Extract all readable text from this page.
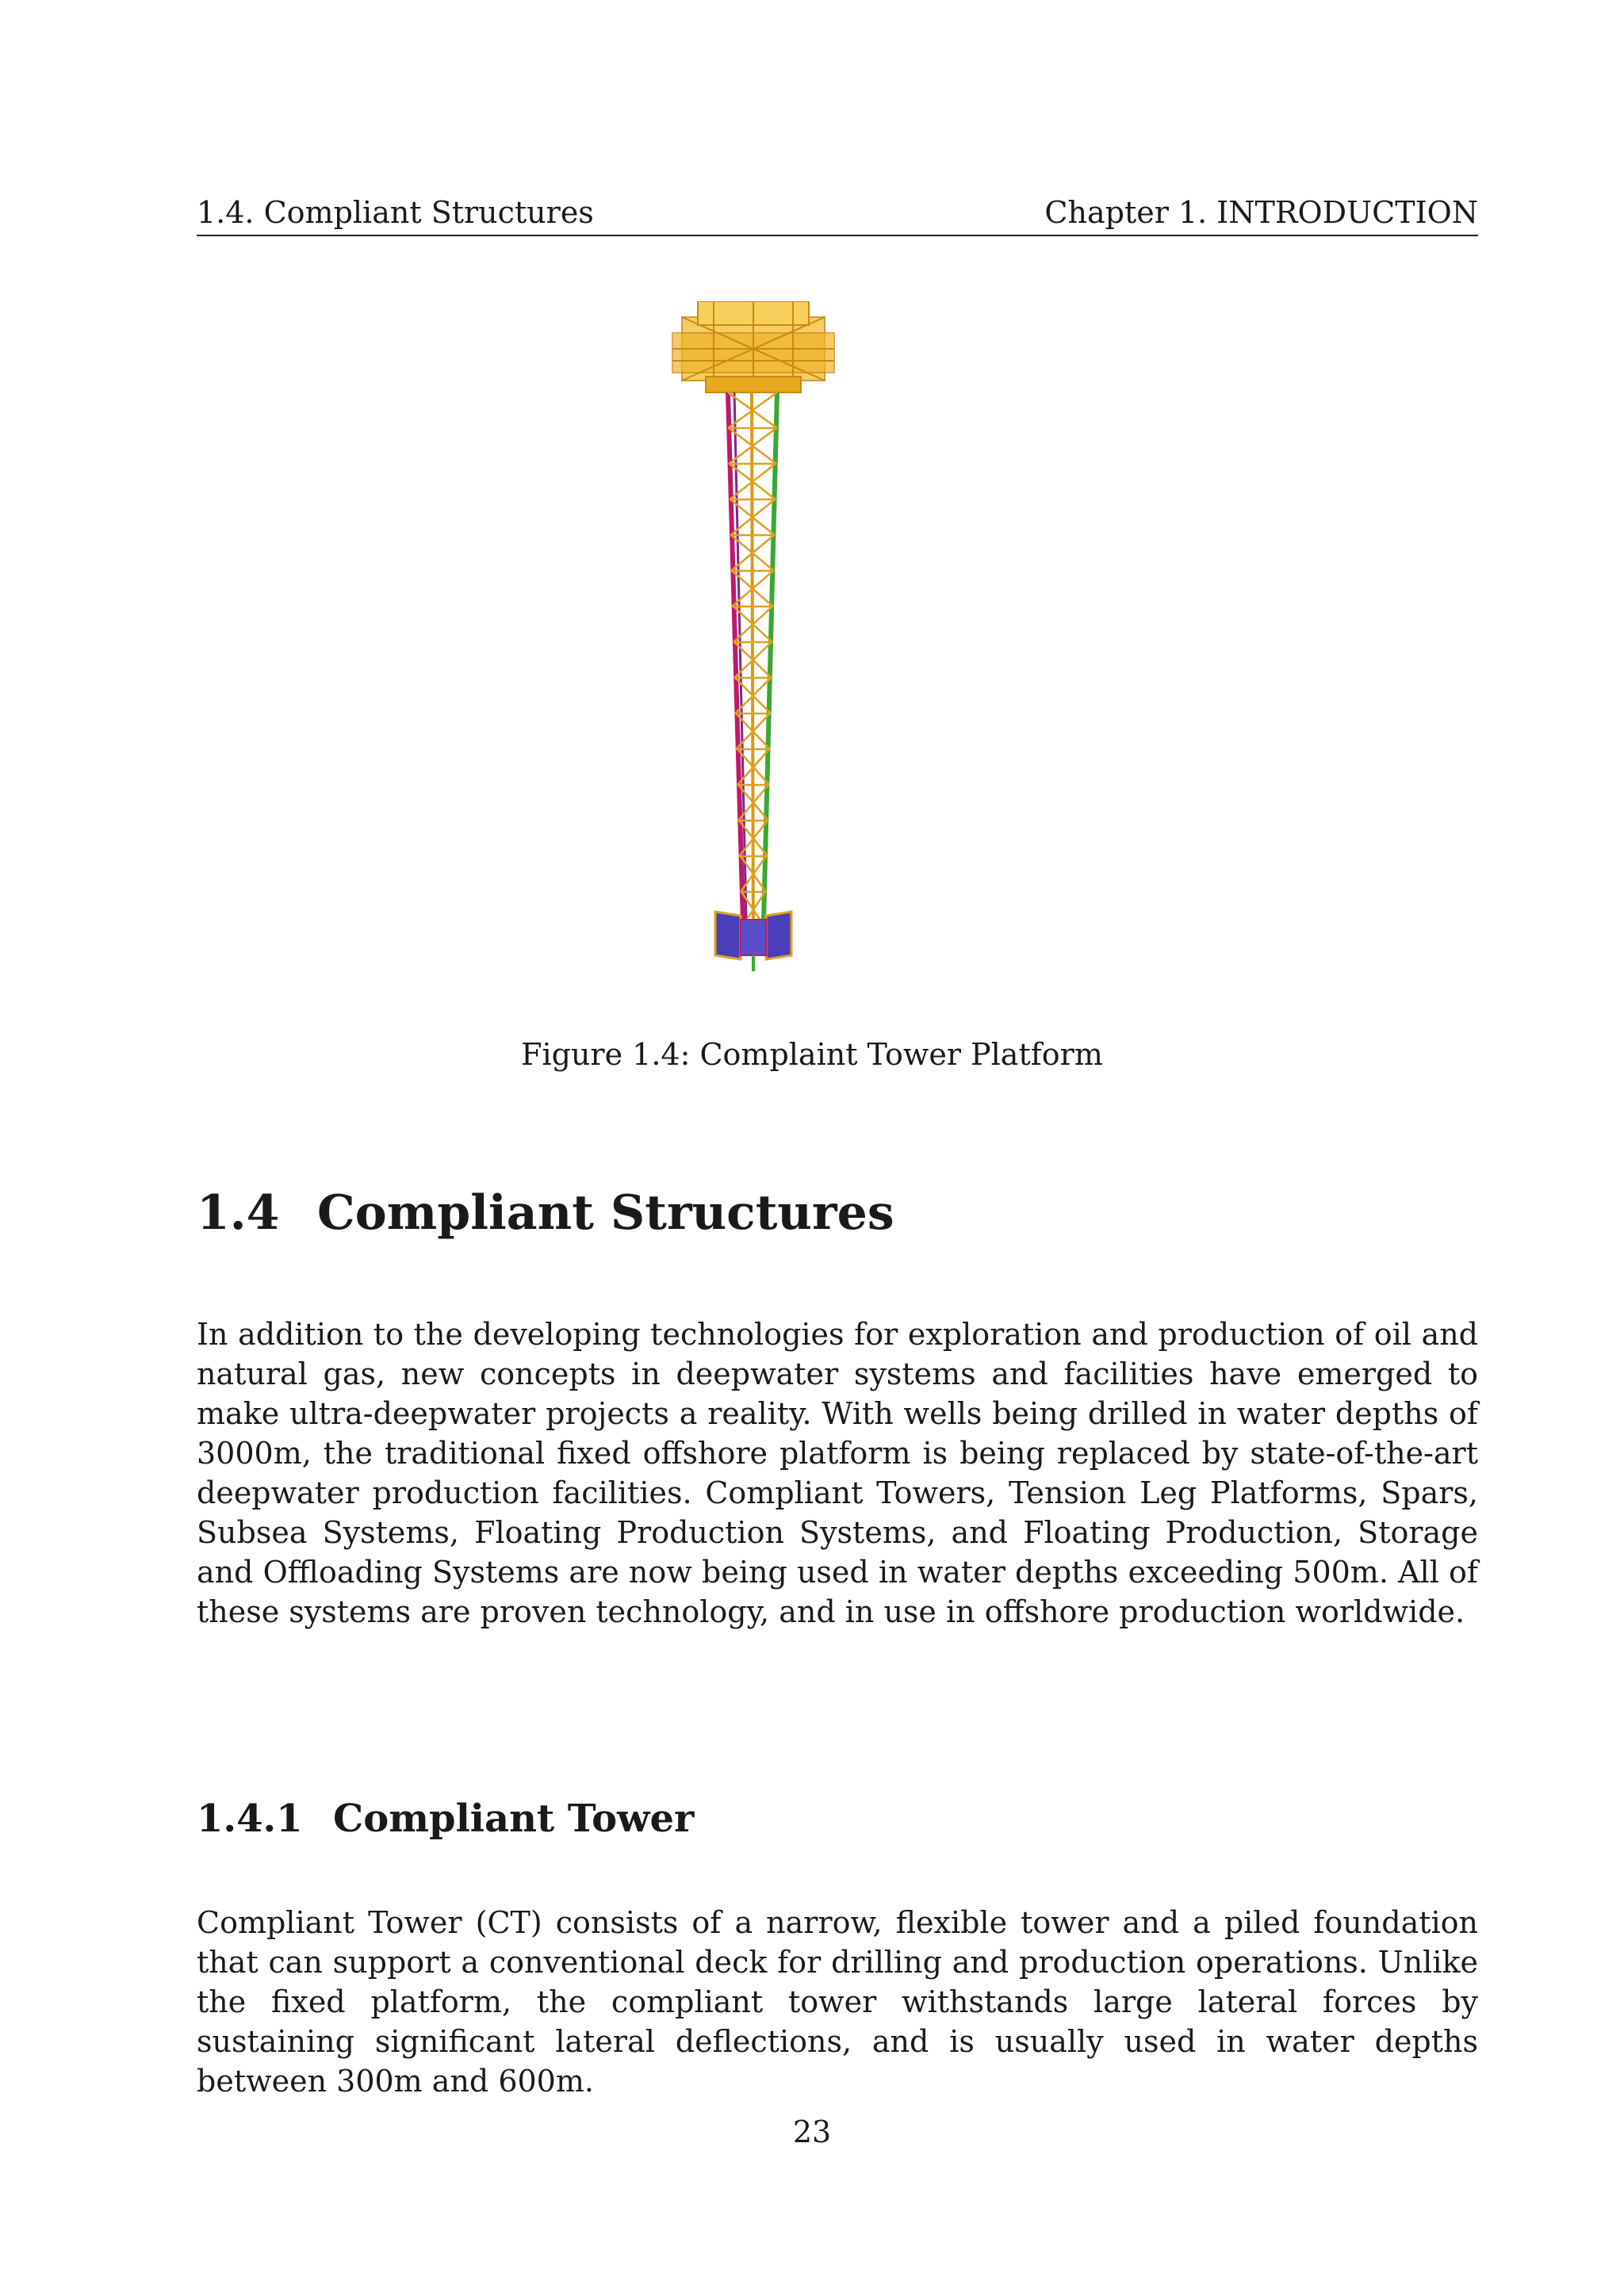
1.4. Compliant Structures	Chapter 1. INTRODUCTION
Figure 1.4: Complaint Tower Platform
1.4 Compliant Structures

In addition to the developing technologies for exploration and production of oil and natural gas, new concepts in deepwater systems and facilities have emerged to make ultra-deepwater projects a reality. With wells being drilled in water depths of 3000m, the traditional fixed offshore platform is being replaced by state-of-the-art deepwater production facilities. Compliant Towers, Tension Leg Platforms, Spars, Subsea Systems, Floating Production Systems, and Floating Production, Storage and Offloading Systems are now being used in water depths exceeding 500m. All of these systems are proven technology, and in use in offshore production worldwide.

1.4.1 Compliant Tower

Compliant Tower (CT) consists of a narrow, flexible tower and a piled foundation that can support a conventional deck for drilling and production operations. Unlike the fixed platform, the compliant tower withstands large lateral forces by sustaining significant lateral deflections, and is usually used in water depths between 300m and 600m.

23
